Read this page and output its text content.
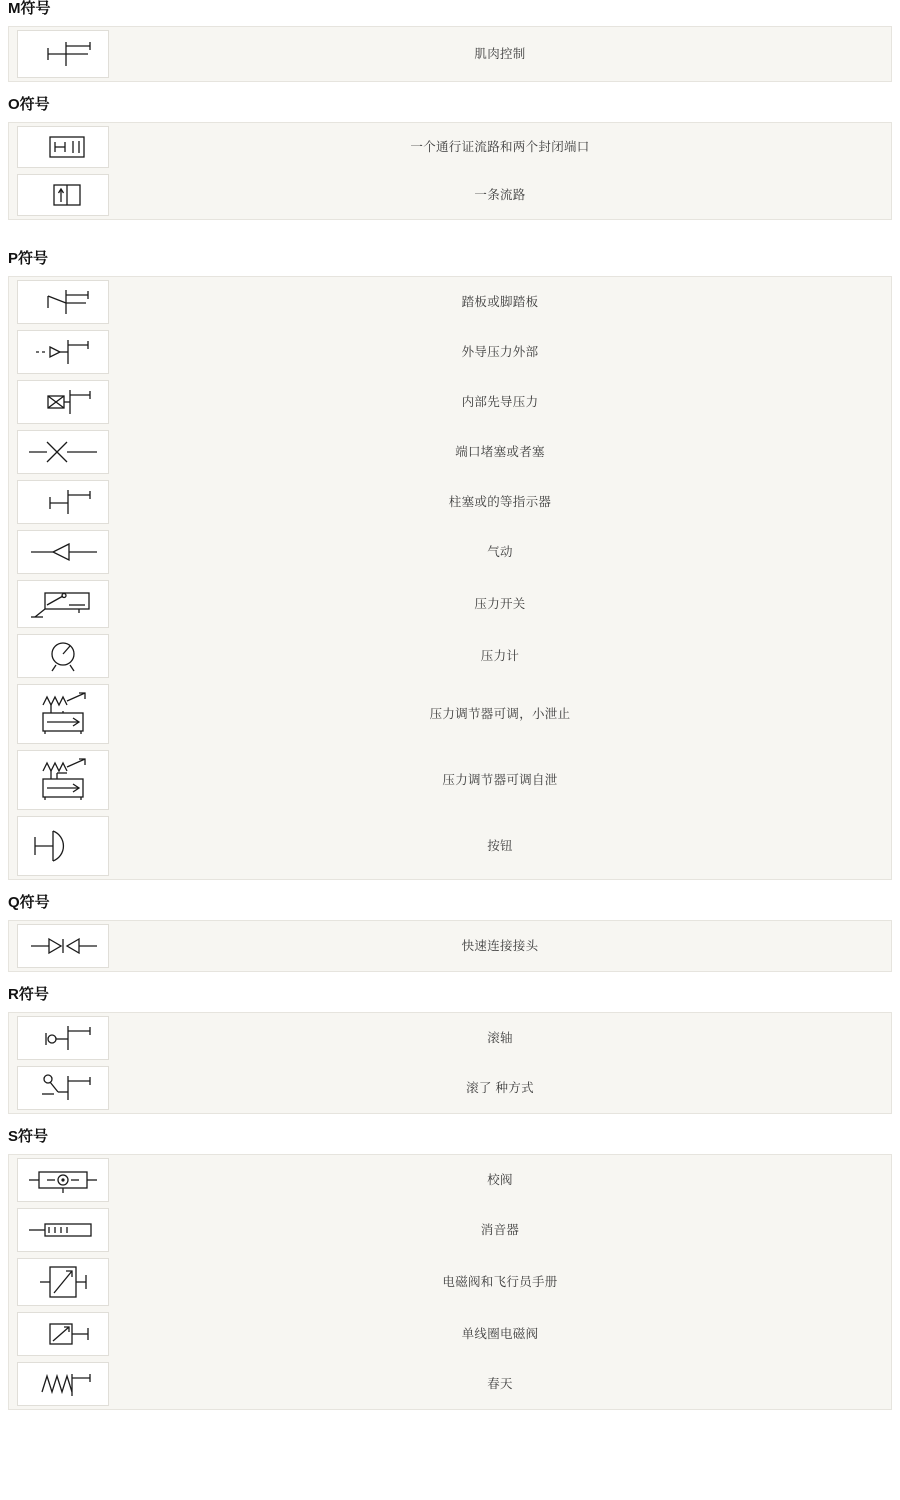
M符号
肌肉控制
O符号
一个通行证流路和两个封闭端口
一条流路
P符号
踏板或脚踏板
外导压力外部
内部先导压力
端口堵塞或者塞
柱塞或的等指示器
气动
压力开关
压力计
压力调节器可调，小泄止
压力调节器可调自泄
按钮
Q符号
快速连接接头
R符号
滚轴
滚了 种方式
S符号
校阀
消音器
电磁阀和飞行员手册
单线圈电磁阀
春天
